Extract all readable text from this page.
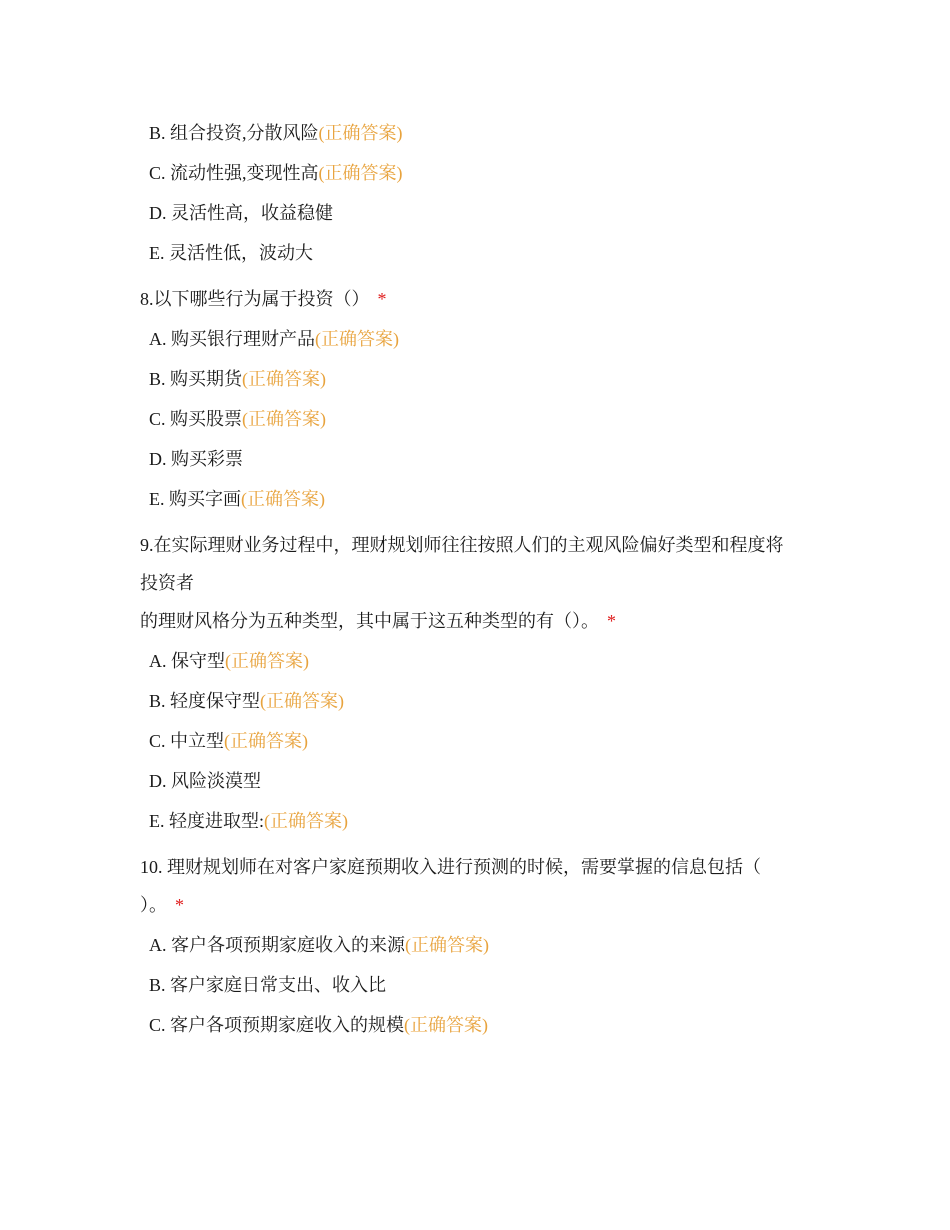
B. 组合投资,分散风险(正确答案)
C. 流动性强,变现性高(正确答案)
D. 灵活性高，收益稳健
E. 灵活性低，波动大
8.以下哪些行为属于投资（） *
A. 购买银行理财产品(正确答案)
B. 购买期货(正确答案)
C. 购买股票(正确答案)
D. 购买彩票
E. 购买字画(正确答案)
9.在实际理财业务过程中，理财规划师往往按照人们的主观风险偏好类型和程度将
投资者
的理财风格分为五种类型，其中属于这五种类型的有（）。 *
A. 保守型(正确答案)
B. 轻度保守型(正确答案)
C. 中立型(正确答案)
D. 风险淡漠型
E. 轻度进取型:(正确答案)
10. 理财规划师在对客户家庭预期收入进行预测的时候，需要掌握的信息包括（
）。 *
A. 客户各项预期家庭收入的来源(正确答案)
B. 客户家庭日常支出、收入比
C. 客户各项预期家庭收入的规模(正确答案)
